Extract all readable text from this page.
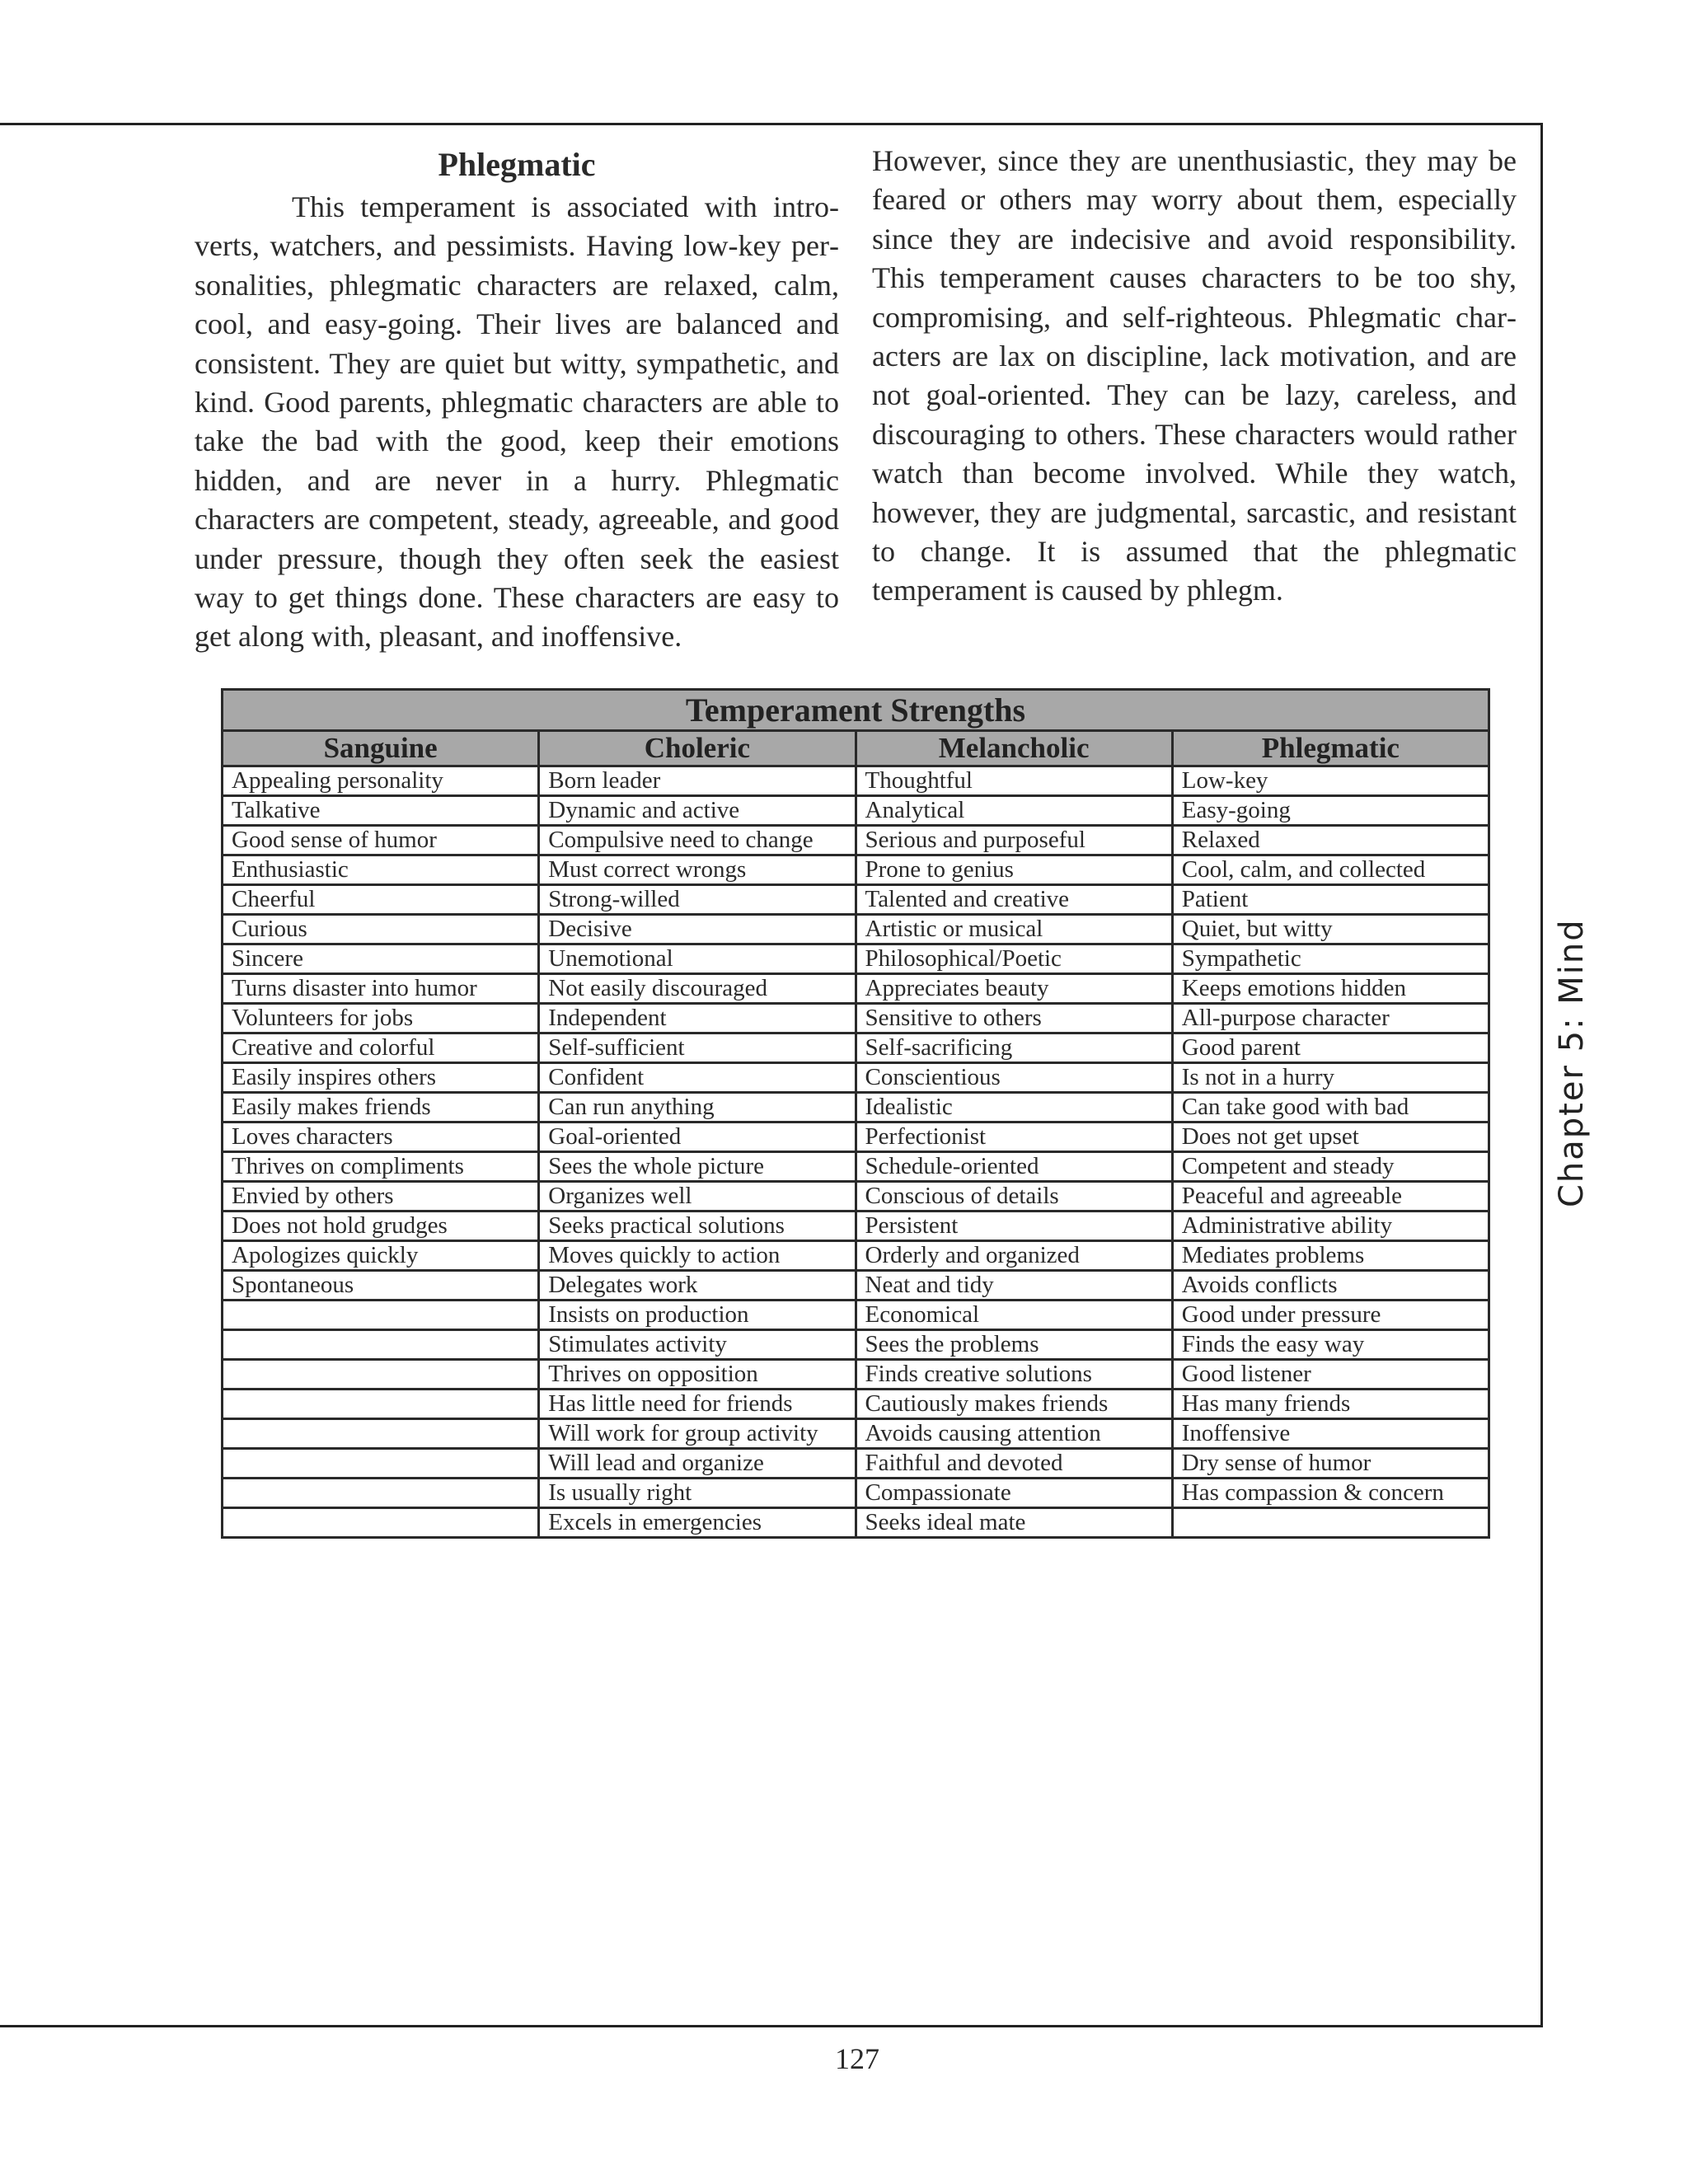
Phlegmatic

This temperament is associated with introverts, watchers, and pessimists. Having low-key personalities, phlegmatic characters are relaxed, calm, cool, and easy-going. Their lives are balanced and consistent. They are quiet but witty, sympathetic, and kind. Good parents, phlegmatic characters are able to take the bad with the good, keep their emotions hidden, and are never in a hurry. Phlegmatic characters are competent, steady, agreeable, and good under pressure, though they often seek the easiest way to get things done. These characters are easy to get along with, pleasant, and inoffensive.

However, since they are unenthusiastic, they may be feared or others may worry about them, especially since they are indecisive and avoid responsibility. This temperament causes characters to be too shy, compromising, and self-righteous. Phlegmatic characters are lax on discipline, lack motivation, and are not goal-oriented. They can be lazy, careless, and discouraging to others. These characters would rather watch than become involved. While they watch, however, they are judgmental, sarcastic, and resistant to change. It is assumed that the phlegmatic temperament is caused by phlegm.

Chapter 5: Mind
Temperament Strengths			
Sanguine	Choleric	Melancholic	Phlegmatic
Appealing personality	Born leader	Thoughtful	Low-key
Talkative	Dynamic and active	Analytical	Easy-going
Good sense of humor	Compulsive need to change	Serious and purposeful	Relaxed
Enthusiastic	Must correct wrongs	Prone to genius	Cool, calm, and collected
Cheerful	Strong-willed	Talented and creative	Patient
Curious	Decisive	Artistic or musical	Quiet, but witty
Sincere	Unemotional	Philosophical/Poetic	Sympathetic
Turns disaster into humor	Not easily discouraged	Appreciates beauty	Keeps emotions hidden
Volunteers for jobs	Independent	Sensitive to others	All-purpose character
Creative and colorful	Self-sufficient	Self-sacrificing	Good parent
Easily inspires others	Confident	Conscientious	Is not in a hurry
Easily makes friends	Can run anything	Idealistic	Can take good with bad
Loves characters	Goal-oriented	Perfectionist	Does not get upset
Thrives on compliments	Sees the whole picture	Schedule-oriented	Competent and steady
Envied by others	Organizes well	Conscious of details	Peaceful and agreeable
Does not hold grudges	Seeks practical solutions	Persistent	Administrative ability
Apologizes quickly	Moves quickly to action	Orderly and organized	Mediates problems
Spontaneous	Delegates work	Neat and tidy	Avoids conflicts
	Insists on production	Economical	Good under pressure
	Stimulates activity	Sees the problems	Finds the easy way
	Thrives on opposition	Finds creative solutions	Good listener
	Has little need for friends	Cautiously makes friends	Has many friends
	Will work for group activity	Avoids causing attention	Inoffensive
	Will lead and organize	Faithful and devoted	Dry sense of humor
	Is usually right	Compassionate	Has compassion & concern
	Excels in emergencies	Seeks ideal mate	
127
